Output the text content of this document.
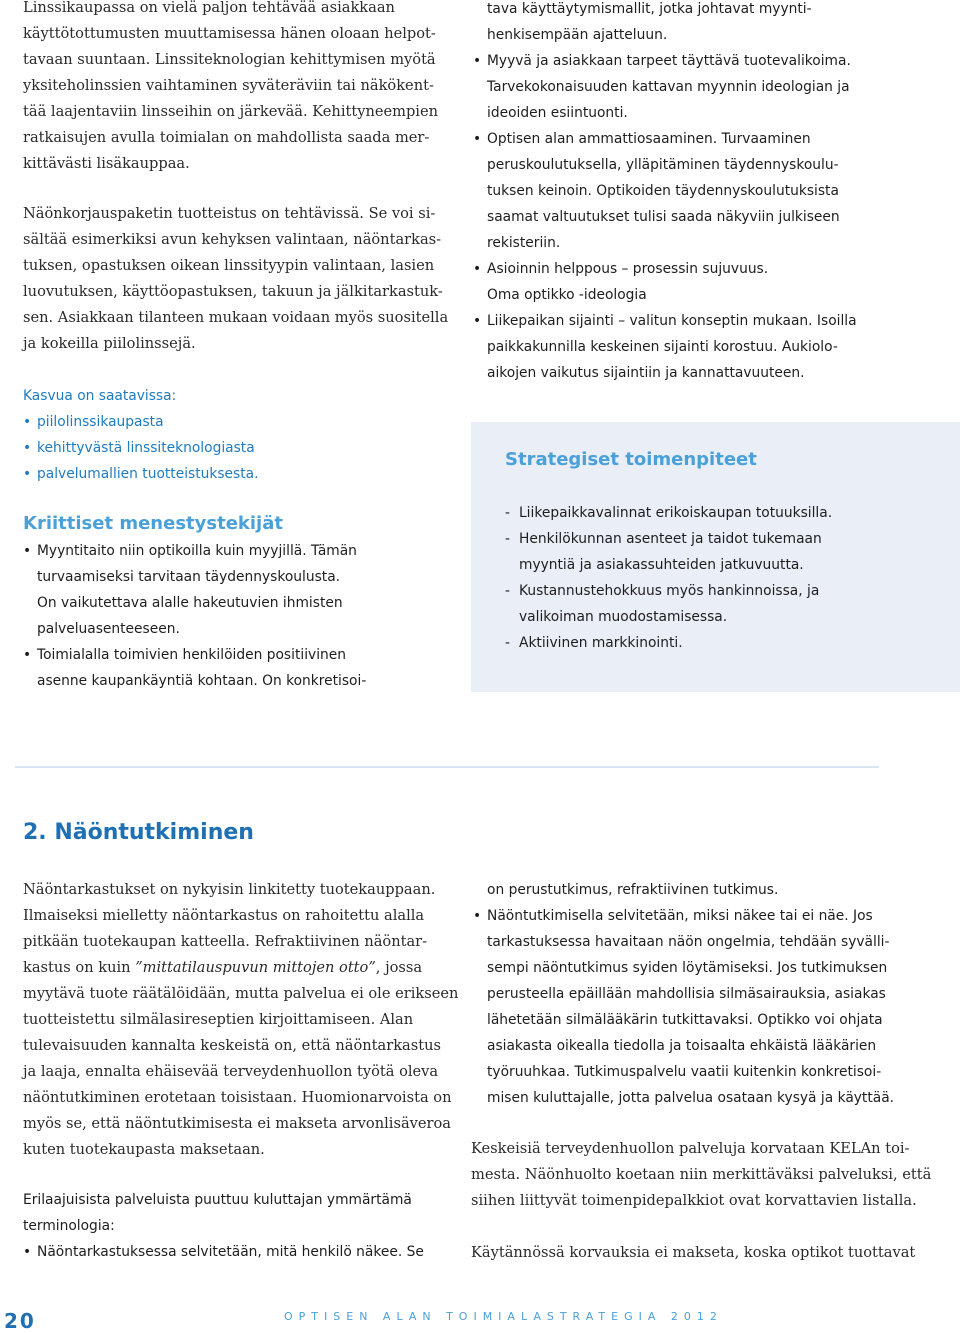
Linssikaupassa on vielä paljon tehtävää asiakkaan
käyttötottumusten muuttamisessa hänen oloaan helpot-
tavaan suuntaan. Linssiteknologian kehittymisen myötä
yksiteholinssien vaihtaminen syväteräviin tai näkökent-
tää laajentaviin linsseihin on järkevää. Kehittyneempien
ratkaisujen avulla toimialan on mahdollista saada mer-
kittävästi lisäkauppaa.
Näönkorjauspaketin tuotteistus on tehtävissä. Se voi si-
sältää esimerkiksi avun kehyksen valintaan, näöntarkas-
tuksen, opastuksen oikean linssityypin valintaan, lasien
luovutuksen, käyttöopastuksen, takuun ja jälkitarkastuk-
sen. Asiakkaan tilanteen mukaan voidaan myös suositella
ja kokeilla piilolinssejä.
Kasvua on saatavissa:
• piilolinssikaupasta
• kehittyvästä linssiteknologiasta
• palvelumallien tuotteistuksesta.
Kriittiset menestystekijät
• Myyntitaito niin optikoilla kuin myyjillä. Tämän
turvaamiseksi tarvitaan täydennyskoulusta.
On vaikutettava alalle hakeutuvien ihmisten
palveluasenteeseen.
• Toimialalla toimivien henkilöiden positiivinen
asenne kaupankäyntiä kohtaan. On konkretisoi-
tava käyttäytymismallit, jotka johtavat myynti-
henkisempään ajatteluun.
• Myyvä ja asiakkaan tarpeet täyttävä tuotevalikoima.
Tarvekokonaisuuden kattavan myynnin ideologian ja
ideoiden esiintuonti.
• Optisen alan ammattiosaaminen. Turvaaminen
peruskoulutuksella, ylläpitäminen täydennyskoulu-
tuksen keinoin. Optikoiden täydennyskoulutuksista
saamat valtuutukset tulisi saada näkyviin julkiseen
rekisteriin.
• Asioinnin helppous – prosessin sujuvuus.
Oma optikko -ideologia
• Liikepaikan sijainti – valitun konseptin mukaan. Isoilla
paikkakunnilla keskeinen sijainti korostuu. Aukiolo-
aikojen vaikutus sijaintiin ja kannattavuuteen.
Strategiset toimenpiteet
- Liikepaikkavalinnat erikoiskaupan totuuksilla.
- Henkilökunnan asenteet ja taidot tukemaan
myyntiä ja asiakassuhteiden jatkuvuutta.
- Kustannustehokkuus myös hankinnoissa, ja
valikoiman muodostamisessa.
- Aktiivinen markkinointi.
2. Näöntutkiminen
Näöntarkastukset on nykyisin linkitetty tuotekauppaan.
Ilmaiseksi mielletty näöntarkastus on rahoitettu alalla
pitkään tuotekaupan katteella. Refraktiivinen näöntar-
kastus on kuin ”mittatilauspuvun mittojen otto”, jossa
myytävä tuote räätälöidään, mutta palvelua ei ole erikseen
tuotteistettu silmälasireseptien kirjoittamiseen. Alan
tulevaisuuden kannalta keskeistä on, että näöntarkastus
ja laaja, ennalta ehäisevää terveydenhuollon työtä oleva
näöntutkiminen erotetaan toisistaan. Huomionarvoista on
myös se, että näöntutkimisesta ei makseta arvonlisäveroa
kuten tuotekaupasta maksetaan.
Erilaajuisista palveluista puuttuu kuluttajan ymmärtämä
terminologia:
• Näöntarkastuksessa selvitetään, mitä henkilö näkee. Se
on perustutkimus, refraktiivinen tutkimus.
• Näöntutkimisella selvitetään, miksi näkee tai ei näe. Jos
tarkastuksessa havaitaan näön ongelmia, tehdään syvälli-
sempi näöntutkimus syiden löytämiseksi. Jos tutkimuksen
perusteella epäillään mahdollisia silmäsairauksia, asiakas
lähetetään silmälääkärin tutkittavaksi. Optikko voi ohjata
asiakasta oikealla tiedolla ja toisaalta ehkäistä lääkärien
työruuhkaa. Tutkimuspalvelu vaatii kuitenkin konkretisoi-
misen kuluttajalle, jotta palvelua osataan kysyä ja käyttää.
Keskeisiä terveydenhuollon palveluja korvataan KELAn toi-
mesta. Näönhuolto koetaan niin merkittäväksi palveluksi, että
siihen liittyvät toimenpidepalkkiot ovat korvattavien listalla.
Käytännössä korvauksia ei makseta, koska optikot tuottavat
20	OPTISEN ALAN TOIMIALASTRATEGIA 2012
